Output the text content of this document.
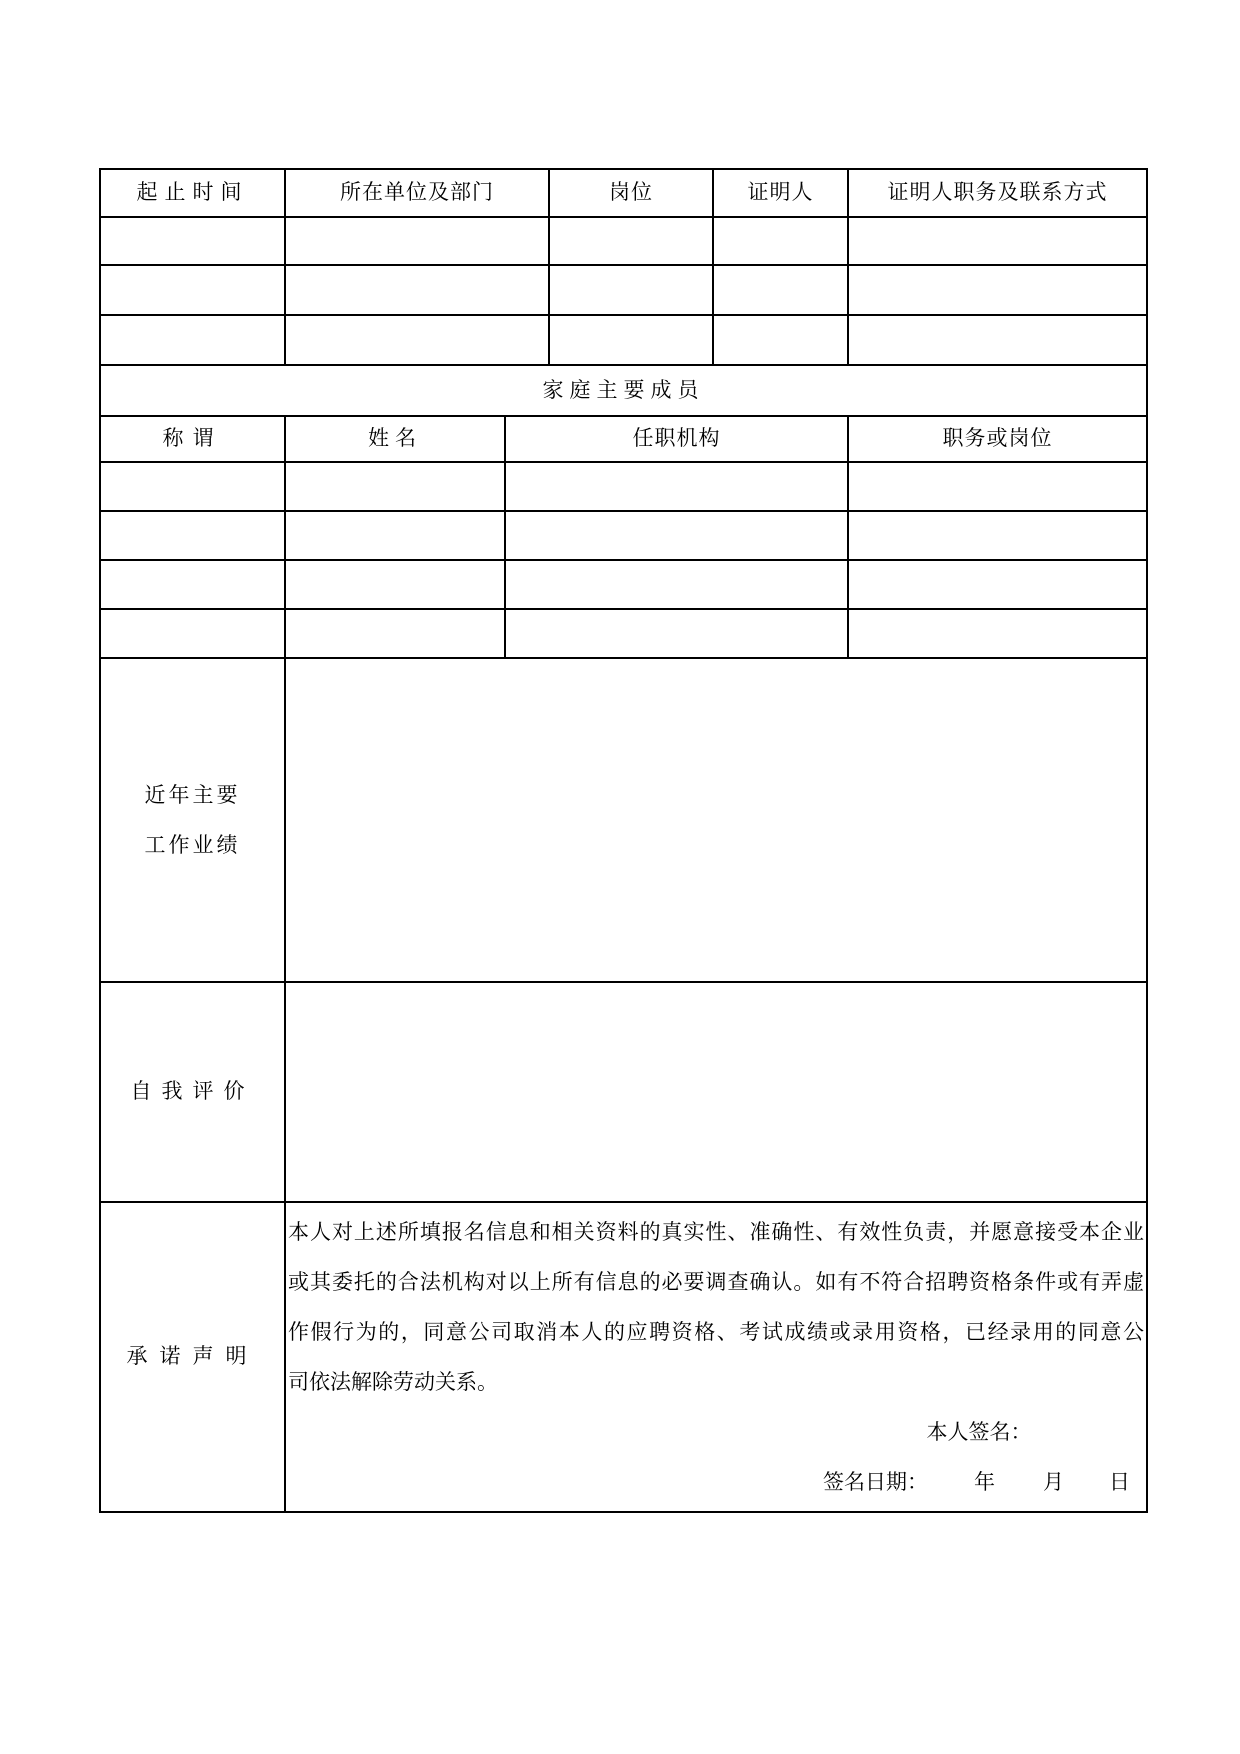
起止时间	所在单位及部门		岗位	证明人	证明人职务及联系方式

家庭主要成员					
称谓	姓名	任职机构			职务或岗位

近年主要
工作业绩					

自我评价					
承诺声明	
本人对上述所填报名信息和相关资料的真实性、准确性、有效性负责，并愿意接受本企业
或其委托的合法机构对以上所有信息的必要调查确认。如有不符合招聘资格条件或有弄虚
作假行为的，同意公司取消本人的应聘资格、考试成绩或录用资格，已经录用的同意公
司依法解除劳动关系。
本人签名：
签名日期： 年 月 日
